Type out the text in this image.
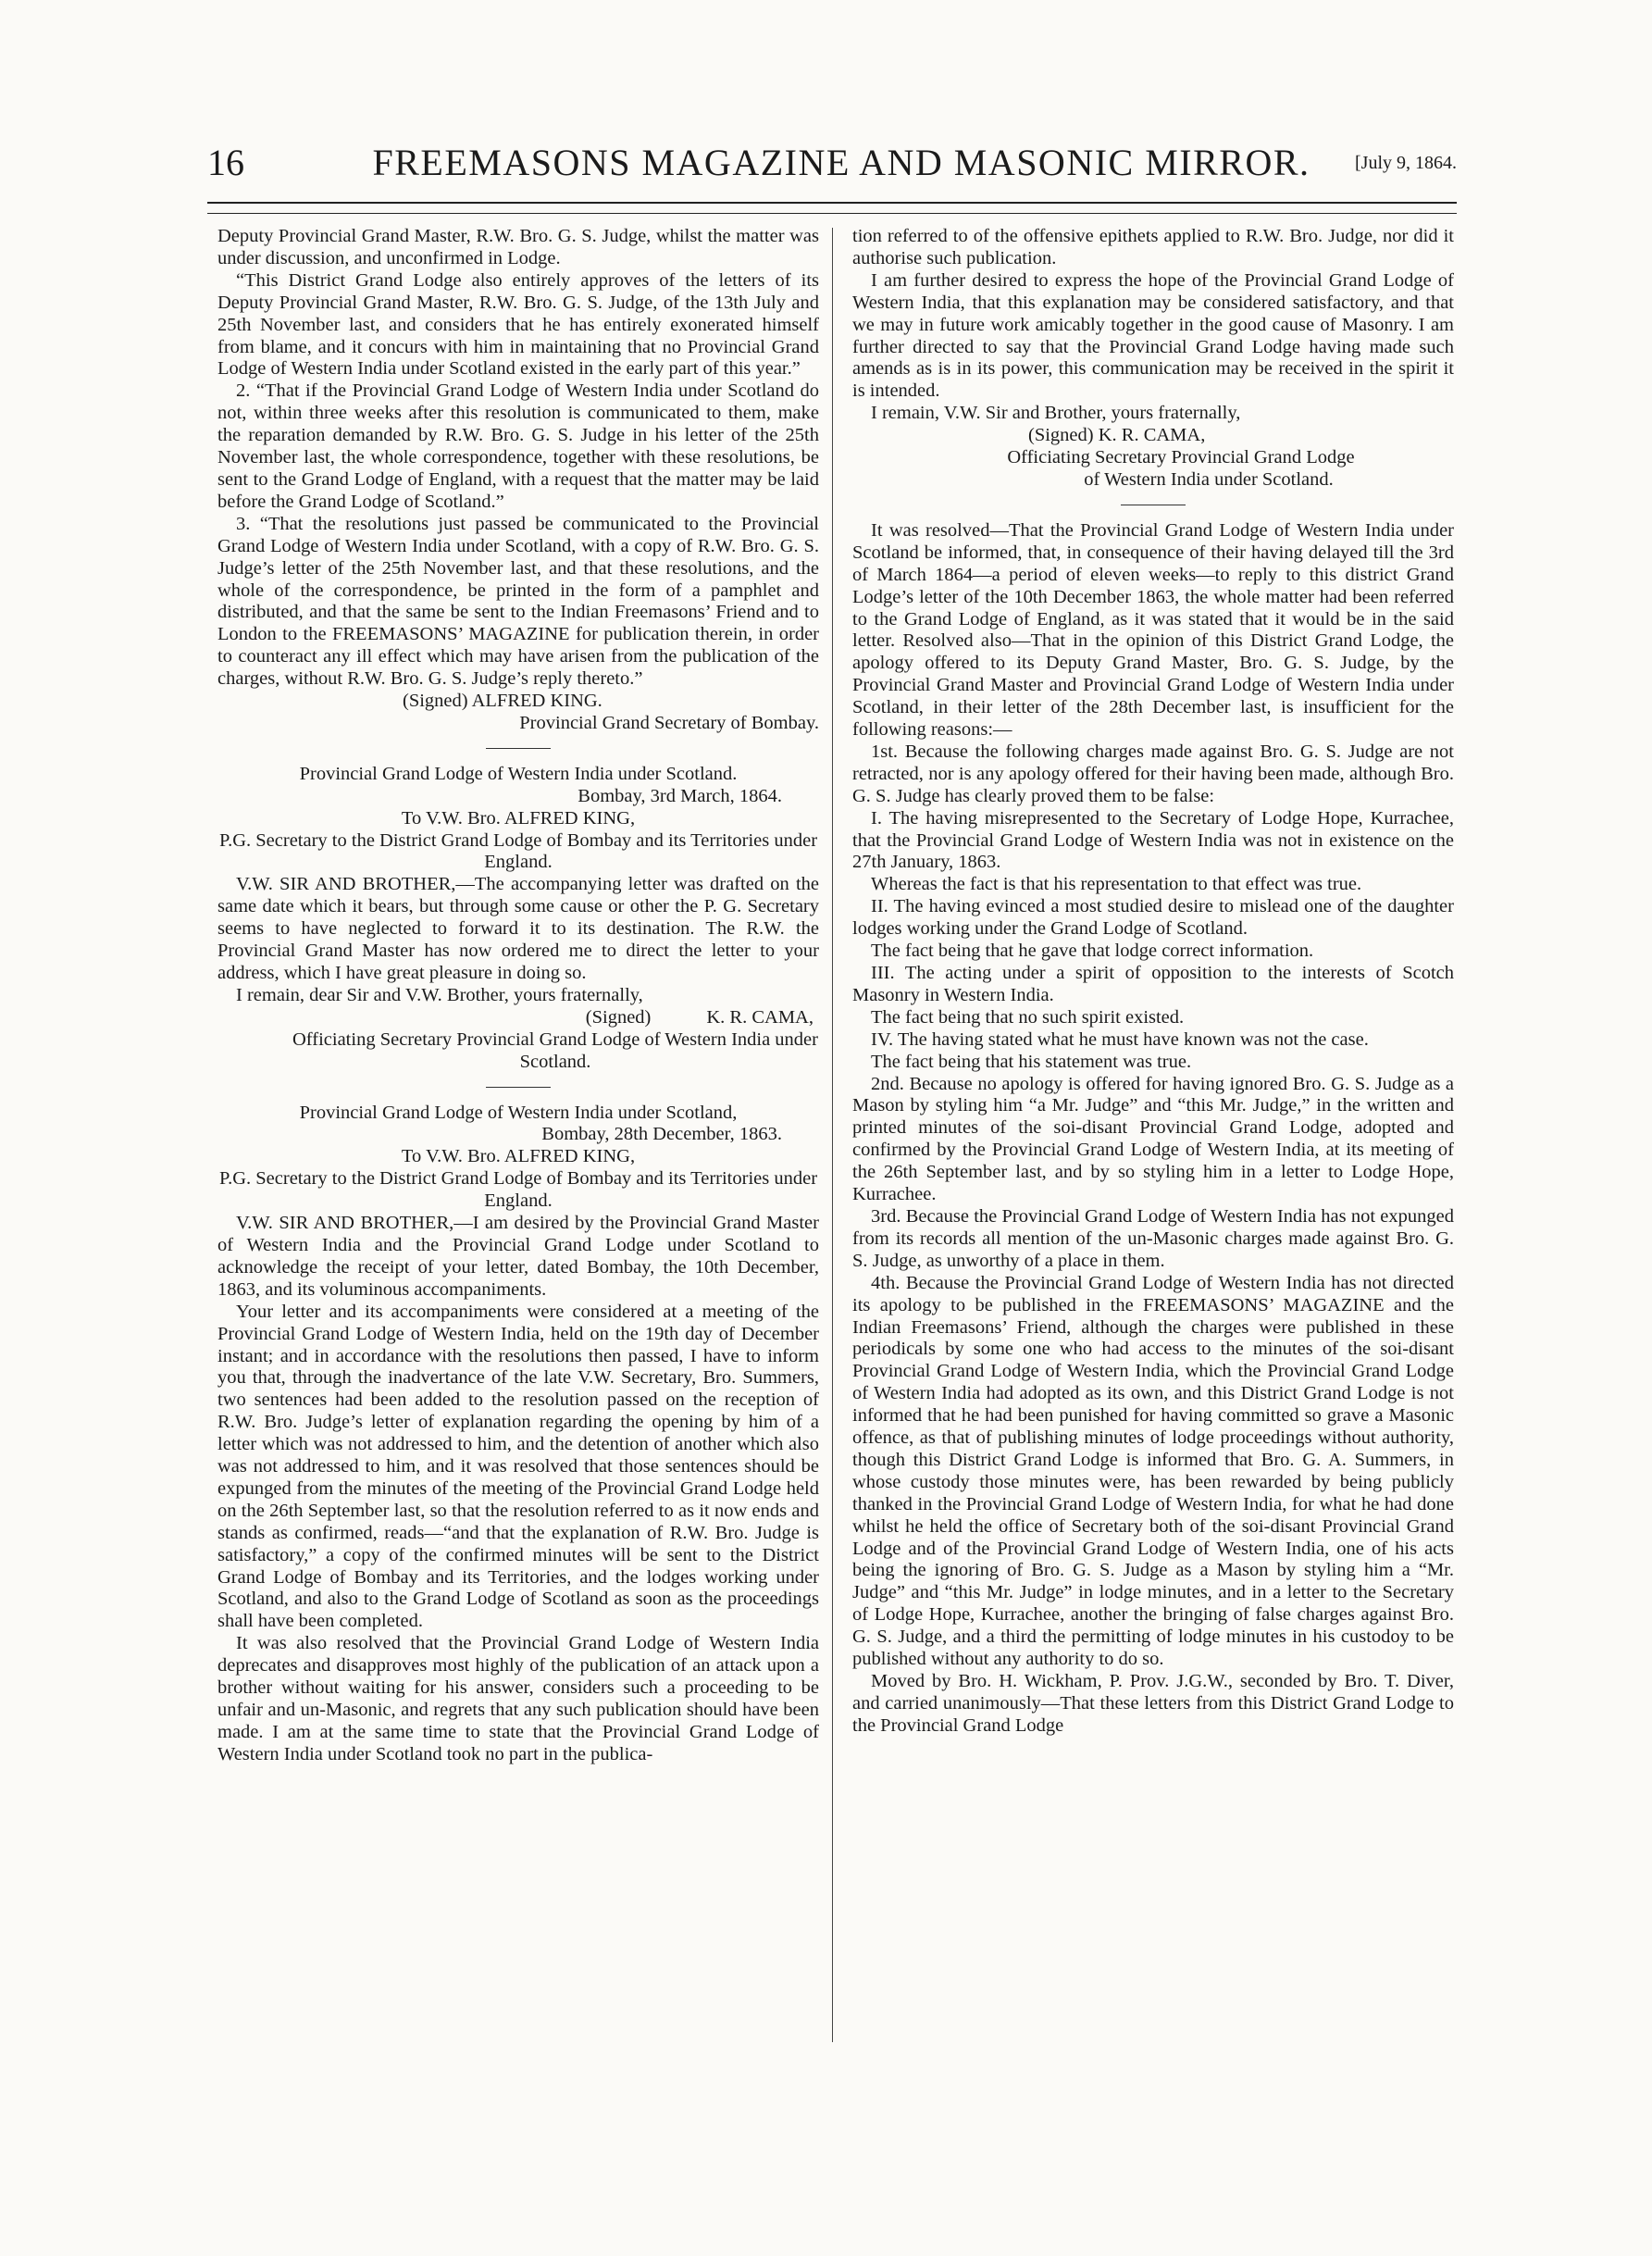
16	FREEMASONS MAGAZINE AND MASONIC MIRROR.	[July 9, 1864.

Deputy Provincial Grand Master, R.W. Bro. G. S. Judge, whilst the matter was under discussion, and unconfirmed in Lodge.

“This District Grand Lodge also entirely approves of the letters of its Deputy Provincial Grand Master, R.W. Bro. G. S. Judge, of the 13th July and 25th November last, and considers that he has entirely exonerated himself from blame, and it concurs with him in maintaining that no Provincial Grand Lodge of Western India under Scotland existed in the early part of this year.”

2. “That if the Provincial Grand Lodge of Western India under Scotland do not, within three weeks after this resolution is communicated to them, make the reparation demanded by R.W. Bro. G. S. Judge in his letter of the 25th November last, the whole correspondence, together with these resolutions, be sent to the Grand Lodge of England, with a request that the matter may be laid before the Grand Lodge of Scotland.”

3. “That the resolutions just passed be communicated to the Provincial Grand Lodge of Western India under Scotland, with a copy of R.W. Bro. G. S. Judge’s letter of the 25th November last, and that these resolutions, and the whole of the correspondence, be printed in the form of a pamphlet and distributed, and that the same be sent to the Indian Freemasons’ Friend and to London to the FREEMASONS’ MAGAZINE for publication therein, in order to counteract any ill effect which may have arisen from the publication of the charges, without R.W. Bro. G. S. Judge’s reply thereto.”

(Signed) ALFRED KING.

Provincial Grand Secretary of Bombay.

Provincial Grand Lodge of Western India under Scotland.

Bombay, 3rd March, 1864.

To V.W. Bro. ALFRED KING,

P.G. Secretary to the District Grand Lodge of Bombay and its Territories under England.

V.W. SIR AND BROTHER,—The accompanying letter was drafted on the same date which it bears, but through some cause or other the P. G. Secretary seems to have neglected to forward it to its destination. The R.W. the Provincial Grand Master has now ordered me to direct the letter to your address, which I have great pleasure in doing so.

I remain, dear Sir and V.W. Brother, yours fraternally,

(Signed)	K. R. CAMA,

Officiating Secretary Provincial Grand Lodge of Western India under Scotland.

Provincial Grand Lodge of Western India under Scotland,

Bombay, 28th December, 1863.

To V.W. Bro. ALFRED KING,

P.G. Secretary to the District Grand Lodge of Bombay and its Territories under England.

V.W. SIR AND BROTHER,—I am desired by the Provincial Grand Master of Western India and the Provincial Grand Lodge under Scotland to acknowledge the receipt of your letter, dated Bombay, the 10th December, 1863, and its voluminous accompaniments.

Your letter and its accompaniments were considered at a meeting of the Provincial Grand Lodge of Western India, held on the 19th day of December instant; and in accordance with the resolutions then passed, I have to inform you that, through the inadvertance of the late V.W. Secretary, Bro. Summers, two sentences had been added to the resolution passed on the reception of R.W. Bro. Judge’s letter of explanation regarding the opening by him of a letter which was not addressed to him, and the detention of another which also was not addressed to him, and it was resolved that those sentences should be expunged from the minutes of the meeting of the Provincial Grand Lodge held on the 26th September last, so that the resolution referred to as it now ends and stands as confirmed, reads—“and that the explanation of R.W. Bro. Judge is satisfactory,” a copy of the confirmed minutes will be sent to the District Grand Lodge of Bombay and its Territories, and the lodges working under Scotland, and also to the Grand Lodge of Scotland as soon as the proceedings shall have been completed.

It was also resolved that the Provincial Grand Lodge of Western India deprecates and disapproves most highly of the publication of an attack upon a brother without waiting for his answer, considers such a proceeding to be unfair and un-Masonic, and regrets that any such publication should have been made. I am at the same time to state that the Provincial Grand Lodge of Western India under Scotland took no part in the publica-

tion referred to of the offensive epithets applied to R.W. Bro. Judge, nor did it authorise such publication.

I am further desired to express the hope of the Provincial Grand Lodge of Western India, that this explanation may be considered satisfactory, and that we may in future work amicably together in the good cause of Masonry. I am further directed to say that the Provincial Grand Lodge having made such amends as is in its power, this communication may be received in the spirit it is intended.

I remain, V.W. Sir and Brother, yours fraternally,

(Signed) K. R. CAMA,

Officiating Secretary Provincial Grand Lodge

of Western India under Scotland.

It was resolved—That the Provincial Grand Lodge of Western India under Scotland be informed, that, in consequence of their having delayed till the 3rd of March 1864—a period of eleven weeks—to reply to this district Grand Lodge’s letter of the 10th December 1863, the whole matter had been referred to the Grand Lodge of England, as it was stated that it would be in the said letter. Resolved also—That in the opinion of this District Grand Lodge, the apology offered to its Deputy Grand Master, Bro. G. S. Judge, by the Provincial Grand Master and Provincial Grand Lodge of Western India under Scotland, in their letter of the 28th December last, is insufficient for the following reasons:—

1st. Because the following charges made against Bro. G. S. Judge are not retracted, nor is any apology offered for their having been made, although Bro. G. S. Judge has clearly proved them to be false:

I. The having misrepresented to the Secretary of Lodge Hope, Kurrachee, that the Provincial Grand Lodge of Western India was not in existence on the 27th January, 1863.

Whereas the fact is that his representation to that effect was true.

II. The having evinced a most studied desire to mislead one of the daughter lodges working under the Grand Lodge of Scotland.

The fact being that he gave that lodge correct information.

III. The acting under a spirit of opposition to the interests of Scotch Masonry in Western India.

The fact being that no such spirit existed.

IV. The having stated what he must have known was not the case.

The fact being that his statement was true.

2nd. Because no apology is offered for having ignored Bro. G. S. Judge as a Mason by styling him “a Mr. Judge” and “this Mr. Judge,” in the written and printed minutes of the soi-disant Provincial Grand Lodge, adopted and confirmed by the Provincial Grand Lodge of Western India, at its meeting of the 26th September last, and by so styling him in a letter to Lodge Hope, Kurrachee.

3rd. Because the Provincial Grand Lodge of Western India has not expunged from its records all mention of the un-Masonic charges made against Bro. G. S. Judge, as unworthy of a place in them.

4th. Because the Provincial Grand Lodge of Western India has not directed its apology to be published in the FREEMASONS’ MAGAZINE and the Indian Freemasons’ Friend, although the charges were published in these periodicals by some one who had access to the minutes of the soi-disant Provincial Grand Lodge of Western India, which the Provincial Grand Lodge of Western India had adopted as its own, and this District Grand Lodge is not informed that he had been punished for having committed so grave a Masonic offence, as that of publishing minutes of lodge proceedings without authority, though this District Grand Lodge is informed that Bro. G. A. Summers, in whose custody those minutes were, has been rewarded by being publicly thanked in the Provincial Grand Lodge of Western India, for what he had done whilst he held the office of Secretary both of the soi-disant Provincial Grand Lodge and of the Provincial Grand Lodge of Western India, one of his acts being the ignoring of Bro. G. S. Judge as a Mason by styling him a “Mr. Judge” and “this Mr. Judge” in lodge minutes, and in a letter to the Secretary of Lodge Hope, Kurrachee, another the bringing of false charges against Bro. G. S. Judge, and a third the permitting of lodge minutes in his custodoy to be published without any authority to do so.

Moved by Bro. H. Wickham, P. Prov. J.G.W., seconded by Bro. T. Diver, and carried unanimously—That these letters from this District Grand Lodge to the Provincial Grand Lodge
